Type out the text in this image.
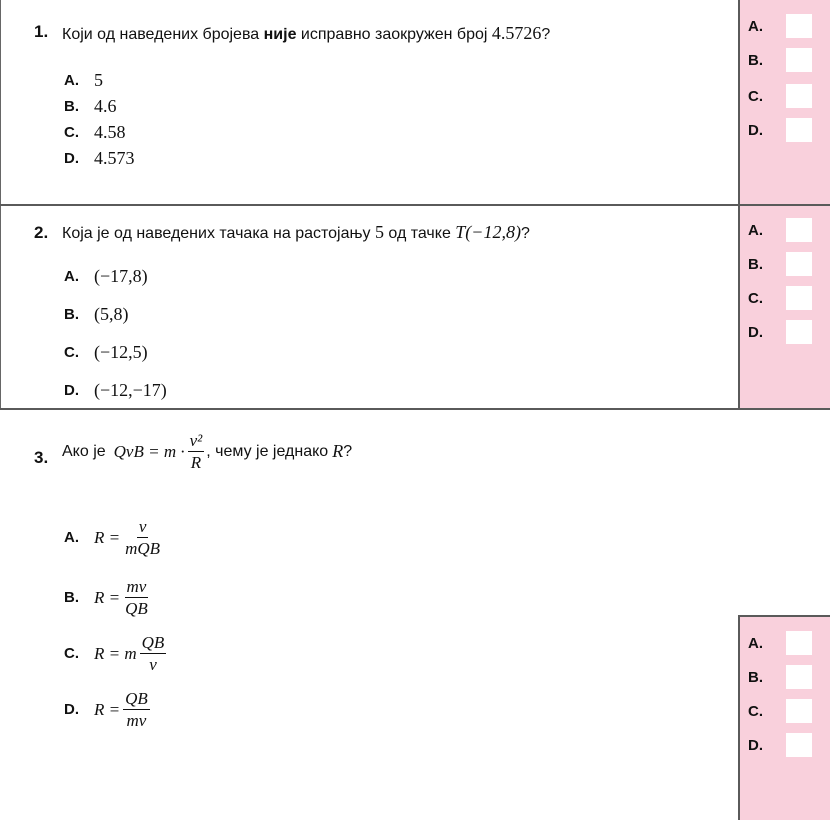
1. Који од наведених бројева није исправно заокружен број 4.5726?
A. 5
B. 4.6
C. 4.58
D. 4.573
A.
B.
C.
D.
2. Која је од наведених тачака на растојању 5 од тачке T(−12,8)?
A. (−17,8)
B. (5,8)
C. (−12,5)
D. (−12,−17)
A.
B.
C.
D.
3. Ако је QvB = $m \cdot \frac{\text{v²}}{R}$ , чему је једнако R ?
A. $R = \frac{v}{\text{mQB}}$
B. $R = \frac{mv}{QB}$
C. R = m $\frac{QB}{v}$
D. $R = \frac{QB}{mv}$
A.
B.
C.
D.
